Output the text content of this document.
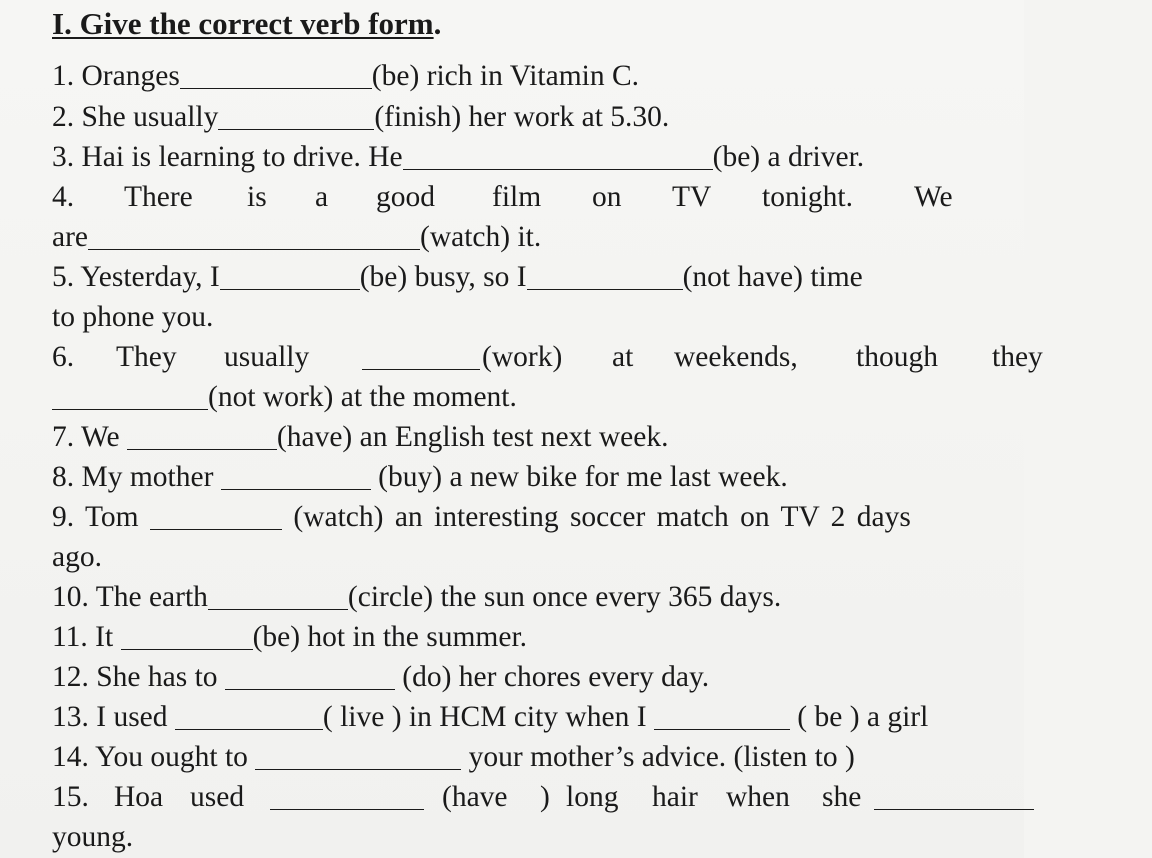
I. Give the correct verb form.
1. Oranges	(be) rich in Vitamin C.
2. She usually	(finish) her work at 5.30.
3. Hai is learning to drive. He	(be) a driver.
4. There is a good film on TV tonight. We
are	(watch) it.
5. Yesterday, I	(be) busy, so I	(not have) time
to phone you.
6. They usually	(work) at weekends, though they
(not work) at the moment.
7. We	(have) an English test next week.
8. My mother	(buy) a new bike for me last week.
9. Tom	(watch) an interesting soccer match on TV 2 days
ago.
10. The earth	(circle) the sun once every 365 days.
11. It	(be) hot in the summer.
12. She has to	(do) her chores every day.
13. I used	( live ) in HCM city when I	( be ) a girl
14. You ought to	your mother’s advice. (listen to )
15. Hoa used	(have ) long hair when she
young.
